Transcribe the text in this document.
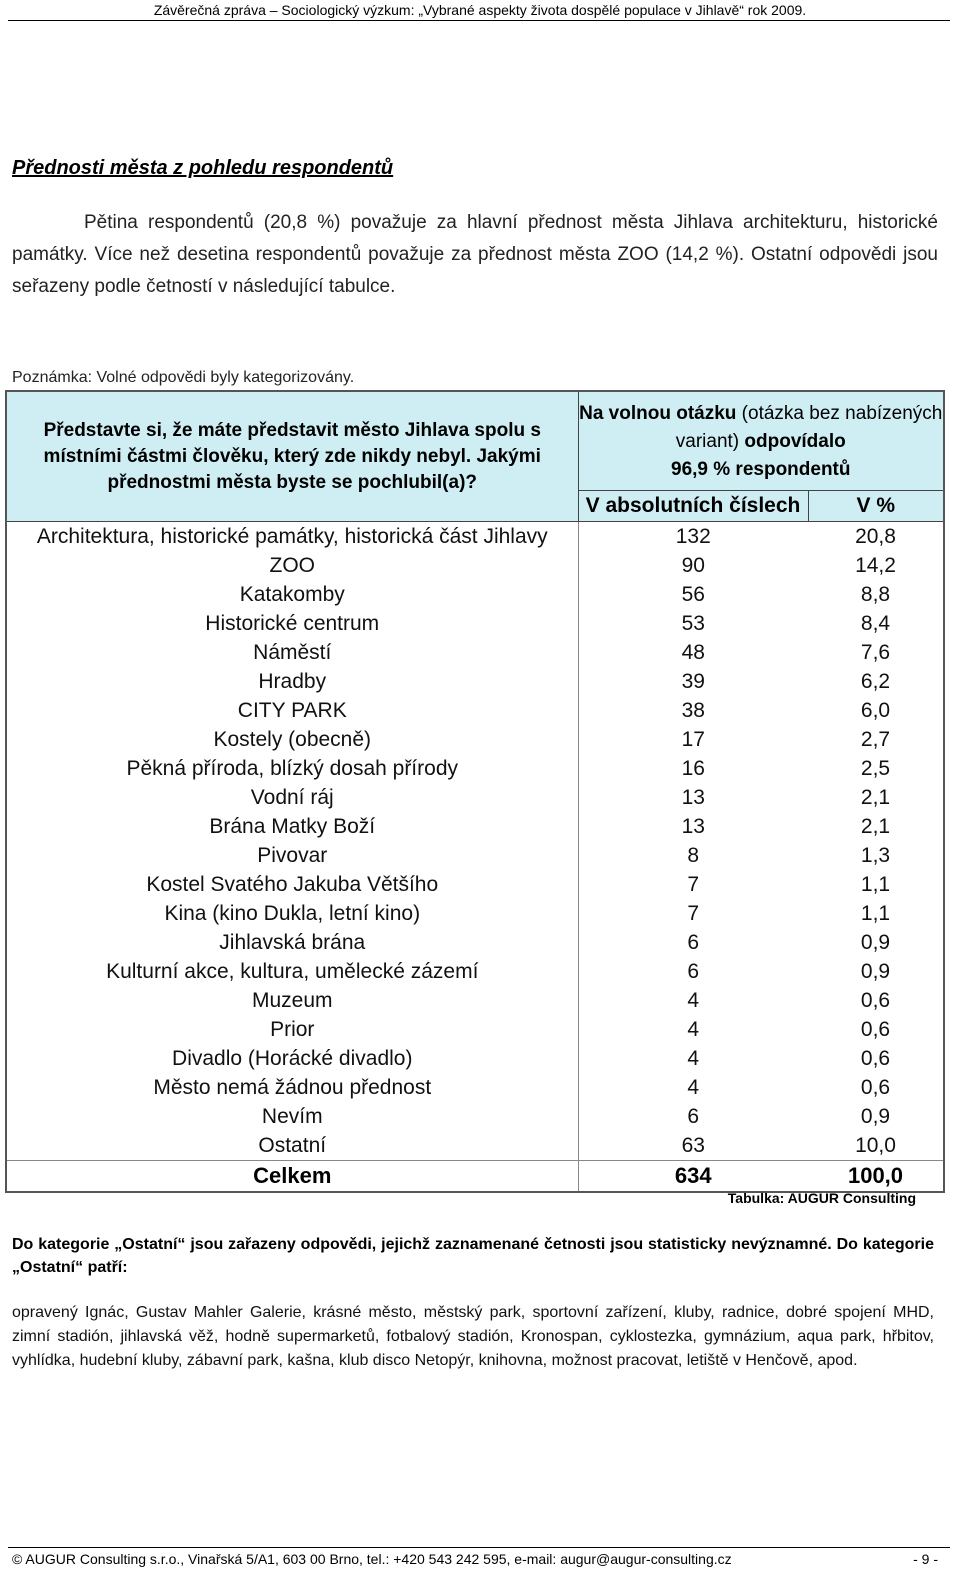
Závěrečná zpráva – Sociologický výzkum: „Vybrané aspekty života dospělé populace v Jihlavě“ rok 2009.
Přednosti města z pohledu respondentů

Pětina respondentů (20,8 %) považuje za hlavní přednost města Jihlava architekturu, historické památky. Více než desetina respondentů považuje za přednost města ZOO (14,2 %). Ostatní odpovědi jsou seřazeny podle četností v následující tabulce.

Poznámka: Volné odpovědi byly kategorizovány.
Představte si, že máte představit město Jihlava spolu s místními částmi člověku, který zde nikdy nebyl. Jakými přednostmi města byste se pochlubil(a)?	Na volnou otázku (otázka bez nabízených variant) odpovídalo
96,9 % respondentů	
	V absolutních číslech	V %
Architektura, historické památky, historická část Jihlavy	132	20,8
ZOO	90	14,2
Katakomby	56	8,8
Historické centrum	53	8,4
Náměstí	48	7,6
Hradby	39	6,2
CITY PARK	38	6,0
Kostely (obecně)	17	2,7
Pěkná příroda, blízký dosah přírody	16	2,5
Vodní ráj	13	2,1
Brána Matky Boží	13	2,1
Pivovar	8	1,3
Kostel Svatého Jakuba Většího	7	1,1
Kina (kino Dukla, letní kino)	7	1,1
Jihlavská brána	6	0,9
Kulturní akce, kultura, umělecké zázemí	6	0,9
Muzeum	4	0,6
Prior	4	0,6
Divadlo (Horácké divadlo)	4	0,6
Město nemá žádnou přednost	4	0,6
Nevím	6	0,9
Ostatní	63	10,0
Celkem	634	100,0
Tabulka: AUGUR Consulting
Do kategorie „Ostatní“ jsou zařazeny odpovědi, jejichž zaznamenané četnosti jsou statisticky nevýznamné. Do kategorie „Ostatní“ patří:
opravený Ignác, Gustav Mahler Galerie, krásné město, městský park, sportovní zařízení, kluby, radnice, dobré spojení MHD, zimní stadión, jihlavská věž, hodně supermarketů, fotbalový stadión, Kronospan, cyklostezka, gymnázium, aqua park, hřbitov, vyhlídka, hudební kluby, zábavní park, kašna, klub disco Netopýr, knihovna, možnost pracovat, letiště v Henčově, apod.
© AUGUR Consulting s.r.o., Vinařská 5/A1, 603 00 Brno, tel.: +420 543 242 595, e-mail: augur@augur-consulting.cz	- 9 -
